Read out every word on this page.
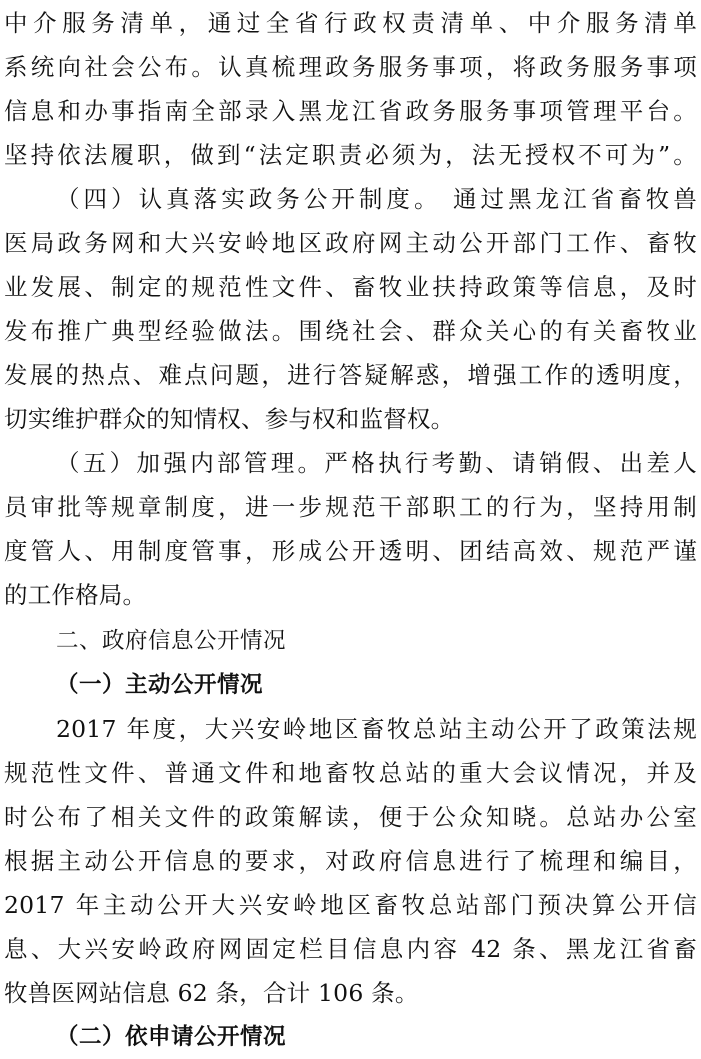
中介服务清单，通过全省行政权责清单、中介服务清单
系统向社会公布。认真梳理政务服务事项，将政务服务事项
信息和办事指南全部录入黑龙江省政务服务事项管理平台。
坚持依法履职，做到“法定职责必须为，法无授权不可为”。
（四）认真落实政务公开制度。 通过黑龙江省畜牧兽
医局政务网和大兴安岭地区政府网主动公开部门工作、畜牧
业发展、制定的规范性文件、畜牧业扶持政策等信息，及时
发布推广典型经验做法。围绕社会、群众关心的有关畜牧业
发展的热点、难点问题，进行答疑解惑，增强工作的透明度，
切实维护群众的知情权、参与权和监督权。
（五）加强内部管理。严格执行考勤、请销假、出差人
员审批等规章制度，进一步规范干部职工的行为，坚持用制
度管人、用制度管事，形成公开透明、团结高效、规范严谨
的工作格局。
二、政府信息公开情况
（一）主动公开情况
2017 年度，大兴安岭地区畜牧总站主动公开了政策法规
规范性文件、普通文件和地畜牧总站的重大会议情况，并及
时公布了相关文件的政策解读，便于公众知晓。总站办公室
根据主动公开信息的要求，对政府信息进行了梳理和编目，
2017 年主动公开大兴安岭地区畜牧总站部门预决算公开信
息、大兴安岭政府网固定栏目信息内容 42 条、黑龙江省畜
牧兽医网站信息 62 条，合计 106 条。
（二）依申请公开情况
